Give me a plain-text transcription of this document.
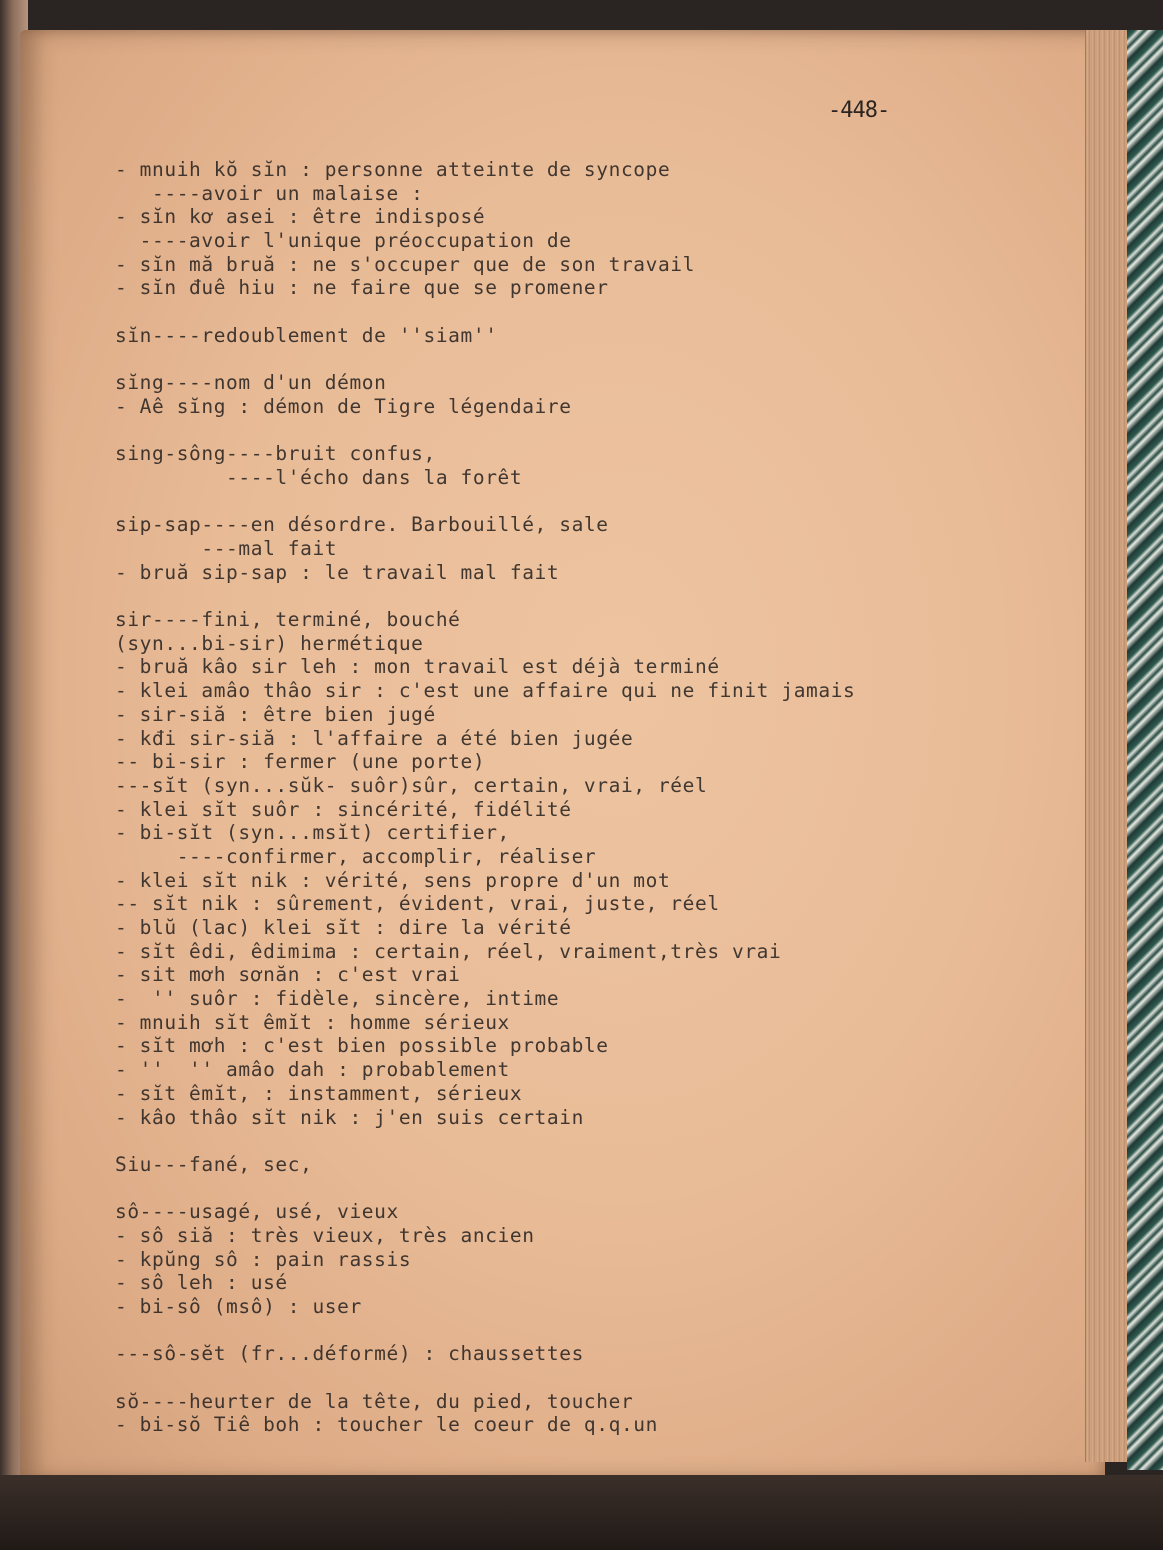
-448-
- mnuih kŏ sĭn : personne atteinte de syncope
----avoir un malaise :
- sĭn kơ asei : être indisposé
----avoir l'unique préoccupation de
- sĭn mă bruă : ne s'occuper que de son travail
- sĭn đuê hiu : ne faire que se promener
sĭn----redoublement de ''siam''
sĭng----nom d'un démon
- Aê sĭng : démon de Tigre légendaire
sing-sông----bruit confus,
----l'écho dans la forêt
sip-sap----en désordre. Barbouillé, sale
---mal fait
- bruă sip-sap : le travail mal fait
sir----fini, terminé, bouché
(syn...bi-sir) hermétique
- bruă kâo sir leh : mon travail est déjà terminé
- klei amâo thâo sir : c'est une affaire qui ne finit jamais
- sir-siă : être bien jugé
- kđi sir-siă : l'affaire a été bien jugée
-- bi-sir : fermer (une porte)
---sĭt (syn...sŭk- suôr)sûr, certain, vrai, réel
- klei sĭt suôr : sincérité, fidélité
- bi-sĭt (syn...msĭt) certifier,
----confirmer, accomplir, réaliser
- klei sĭt nik : vérité, sens propre d'un mot
-- sĭt nik : sûrement, évident, vrai, juste, réel
- blŭ (lac) klei sĭt : dire la vérité
- sĭt êdi, êdimima : certain, réel, vraiment,très vrai
- sit mơh sơnăn : c'est vrai
-  '' suôr : fidèle, sincère, intime
- mnuih sĭt êmĭt : homme sérieux
- sĭt mơh : c'est bien possible probable
- ''  '' amâo dah : probablement
- sĭt êmĭt, : instamment, sérieux
- kâo thâo sĭt nik : j'en suis certain
Siu---fané, sec,
sô----usagé, usé, vieux
- sô siă : très vieux, très ancien
- kpŭng sô : pain rassis
- sô leh : usé
- bi-sô (msô) : user
---sô-sĕt (fr...déformé) : chaussettes
sŏ----heurter de la tête, du pied, toucher
- bi-sŏ Tiê boh : toucher le coeur de q.q.un
